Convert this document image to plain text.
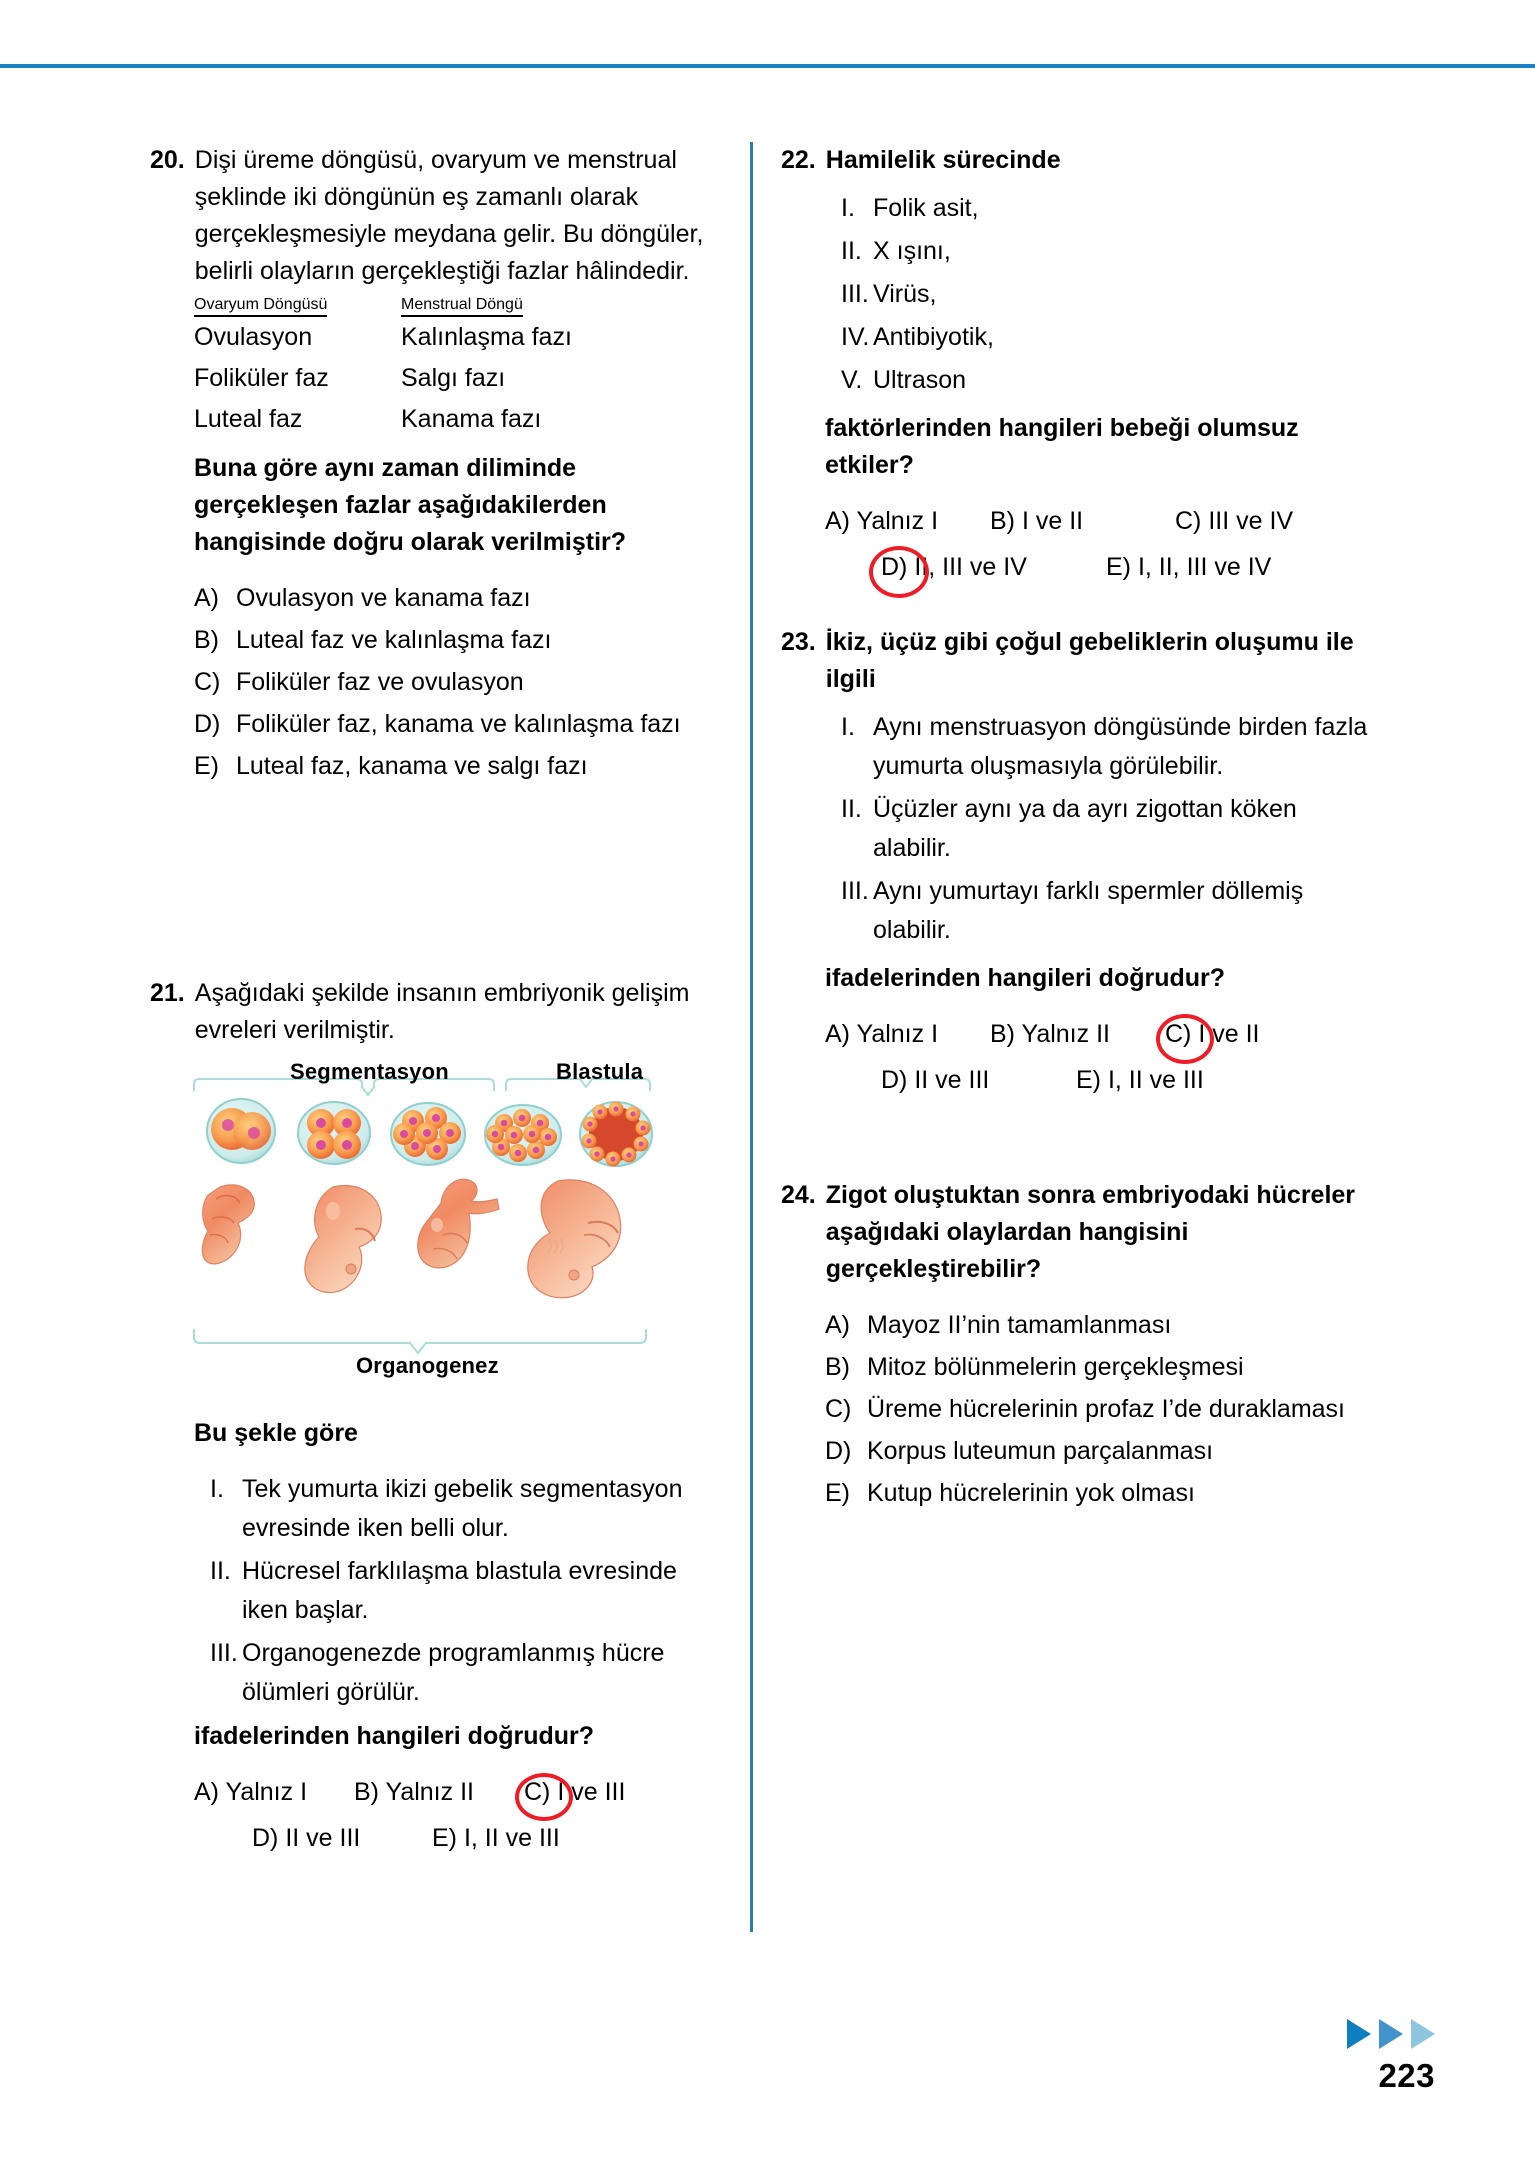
20. Dişi üreme döngüsü, ovaryum ve menstrual şeklinde iki döngünün eş zamanlı olarak gerçekleşmesiyle meydana gelir. Bu döngüler, belirli olayların gerçekleştiği fazlar hâlindedir.
Ovaryum Döngüsü	Menstrual Döngü
Ovulasyon	Kalınlaşma fazı
Foliküler faz	Salgı fazı
Luteal faz	Kanama fazı
Buna göre aynı zaman diliminde gerçekleşen fazlar aşağıdakilerden hangisinde doğru olarak verilmiştir?
A) Ovulasyon ve kanama fazı
B) Luteal faz ve kalınlaşma fazı
C) Foliküler faz ve ovulasyon
D) Foliküler faz, kanama ve kalınlaşma fazı
E) Luteal faz, kanama ve salgı fazı
21. Aşağıdaki şekilde insanın embriyonik gelişim evreleri verilmiştir.
Segmentasyon	Blastula
Organogenez
Bu şekle göre
I. Tek yumurta ikizi gebelik segmentasyon evresinde iken belli olur.
II. Hücresel farklılaşma blastula evresinde iken başlar.
III. Organogenezde programlanmış hücre ölümleri görülür.
ifadelerinden hangileri doğrudur?
A) Yalnız I	B) Yalnız II	C) I ve III
D) II ve III	E) I, II ve III
22. Hamilelik sürecinde
I. Folik asit,
II. X ışını,
III. Virüs,
IV. Antibiyotik,
V. Ultrason
faktörlerinden hangileri bebeği olumsuz etkiler?
A) Yalnız I	B) I ve II	C) III ve IV
D) II, III ve IV	E) I, II, III ve IV
23. İkiz, üçüz gibi çoğul gebeliklerin oluşumu ile ilgili
I. Aynı menstruasyon döngüsünde birden fazla yumurta oluşmasıyla görülebilir.
II. Üçüzler aynı ya da ayrı zigottan köken alabilir.
III. Aynı yumurtayı farklı spermler döllemiş olabilir.
ifadelerinden hangileri doğrudur?
A) Yalnız I	B) Yalnız II	C) I ve II
D) II ve III	E) I, II ve III
24. Zigot oluştuktan sonra embriyodaki hücreler aşağıdaki olaylardan hangisini gerçekleştirebilir?
A) Mayoz II’nin tamamlanması
B) Mitoz bölünmelerin gerçekleşmesi
C) Üreme hücrelerinin profaz I’de duraklaması
D) Korpus luteumun parçalanması
E) Kutup hücrelerinin yok olması
223
